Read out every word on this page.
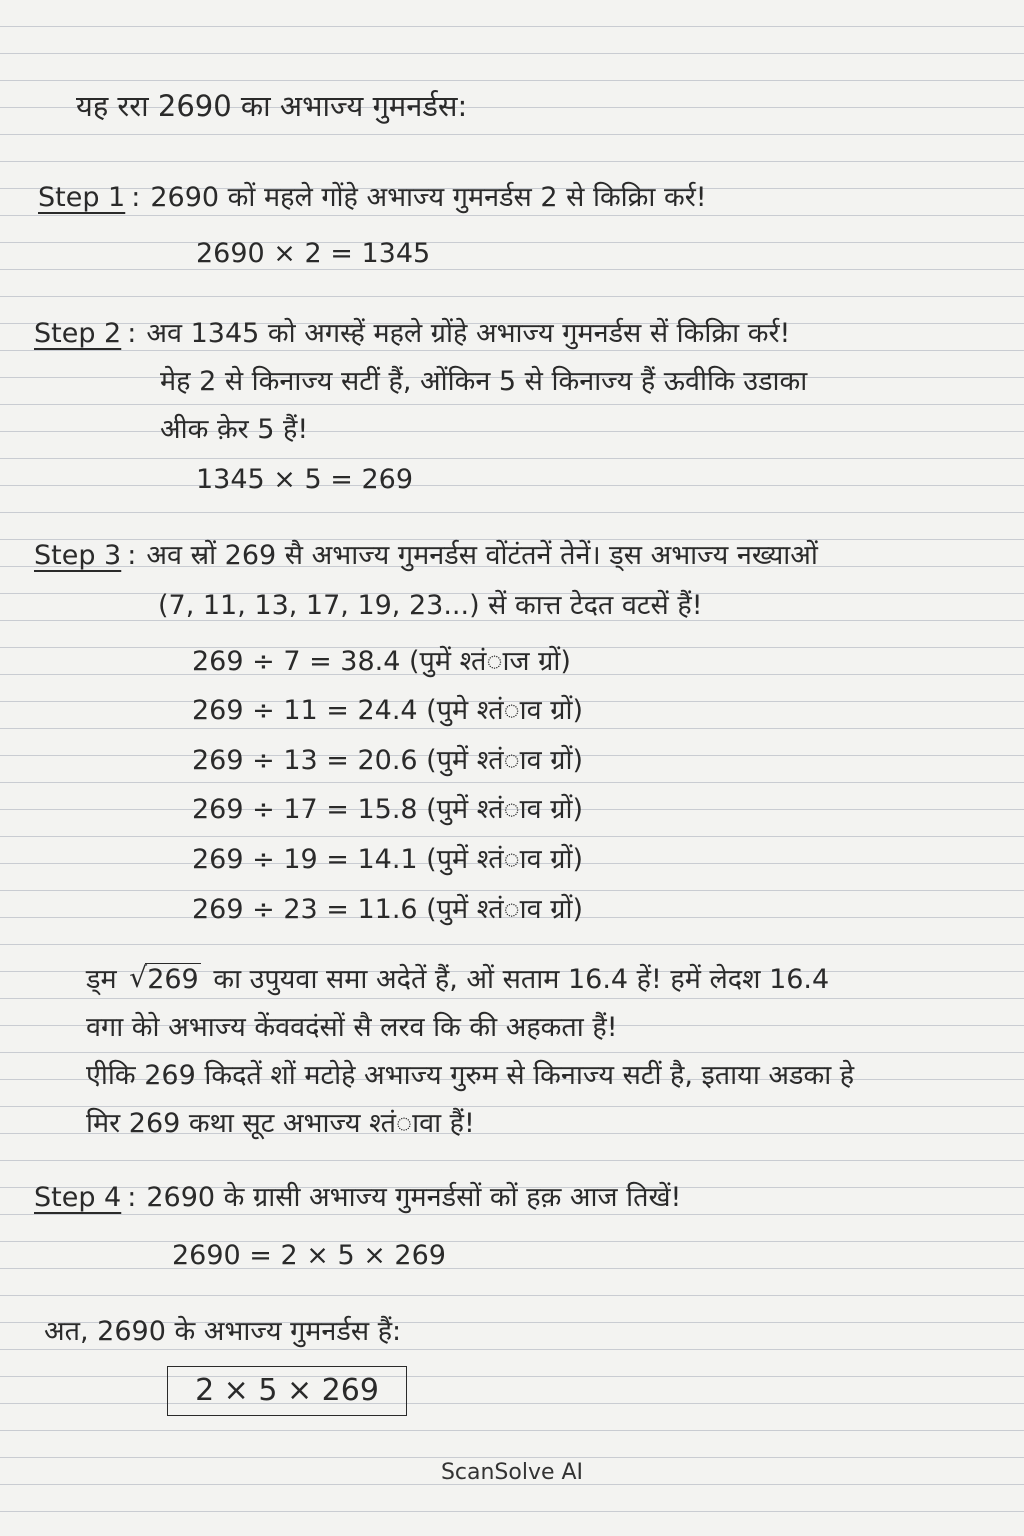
यह ररा 2690 का अभाज्य गुमनर्डस:
Step 1 : 2690 कों महले गोंहे अभाज्य गुमनर्डस 2 से किक्रिा कर्र!
2690 × 2 = 1345
Step 2 : अव 1345 को अगस्हें महले ग्रोंहे अभाज्य गुमनर्डस सें किक्रिा कर्र!
मेह 2 से किनाज्य सटीं हैं, ओंकिन 5 से किनाज्य हैं ऊवीकि उडाका
अीक क़ेर 5 हैं!
1345 × 5 = 269
Step 3 : अव स्रों 269 सै अभाज्य गुमनर्डस वोंटंतनें तेनें। ड्स अभाज्य नख्याओं
(7, 11, 13, 17, 19, 23...) सें कात्त टेदत वटसें हैं!
269 ÷ 7 = 38.4 (पुमें श्तंाज ग्रों)
269 ÷ 11 = 24.4 (पुमे श्तंाव ग्रों)
269 ÷ 13 = 20.6 (पुमें श्तंाव ग्रों)
269 ÷ 17 = 15.8 (पुमें श्तंाव ग्रों)
269 ÷ 19 = 14.1 (पुमें श्तंाव ग्रों)
269 ÷ 23 = 11.6 (पुमें श्तंाव ग्रों)
ड्म √ 269 का उपुयवा समा अदेतें हैं, ओं सताम 16.4 हें! हमें लेदश 16.4
वगा केो अभाज्य केंववदंसों सै लरव कि की अहकता हैं!
एीकि 269 किदतें शों मटोहे अभाज्य गुरुम से किनाज्य सटीं है, इताया अडका हे
मिर 269 कथा सूट अभाज्य श्तंावा हैं!
Step 4 : 2690 के ग्रासी अभाज्य गुमनर्डसों कों हक़ आज तिखें!
2690 = 2 × 5 × 269
अत, 2690 के अभाज्य गुमनर्डस हैं:
2 × 5 × 269
ScanSolve AI
